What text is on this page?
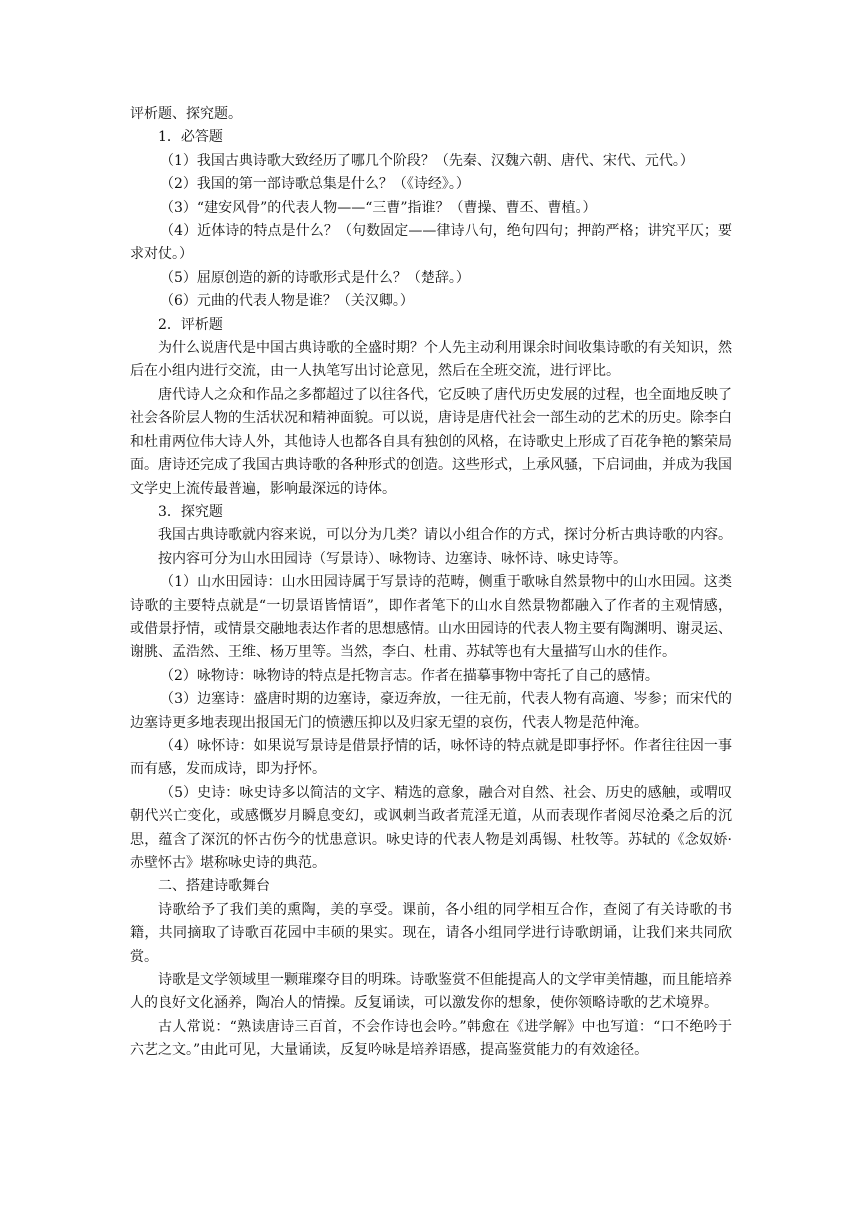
评析题、探究题。

1．必答题

（1）我国古典诗歌大致经历了哪几个阶段？（先秦、汉魏六朝、唐代、宋代、元代。）

（2）我国的第一部诗歌总集是什么？（《诗经》。）

（3）“建安风骨”的代表人物——“三曹”指谁？（曹操、曹丕、曹植。）

（4）近体诗的特点是什么？（句数固定——律诗八句，绝句四句；押韵严格；讲究平仄；要求对仗。）

（5）屈原创造的新的诗歌形式是什么？（楚辞。）

（6）元曲的代表人物是谁？（关汉卿。）

2．评析题

为什么说唐代是中国古典诗歌的全盛时期？个人先主动利用课余时间收集诗歌的有关知识，然后在小组内进行交流，由一人执笔写出讨论意见，然后在全班交流，进行评比。

唐代诗人之众和作品之多都超过了以往各代，它反映了唐代历史发展的过程，也全面地反映了社会各阶层人物的生活状况和精神面貌。可以说，唐诗是唐代社会一部生动的艺术的历史。除李白和杜甫两位伟大诗人外，其他诗人也都各自具有独创的风格，在诗歌史上形成了百花争艳的繁荣局面。唐诗还完成了我国古典诗歌的各种形式的创造。这些形式，上承风骚，下启词曲，并成为我国文学史上流传最普遍，影响最深远的诗体。

3．探究题

我国古典诗歌就内容来说，可以分为几类？请以小组合作的方式，探讨分析古典诗歌的内容。

按内容可分为山水田园诗（写景诗）、咏物诗、边塞诗、咏怀诗、咏史诗等。

（1）山水田园诗：山水田园诗属于写景诗的范畴，侧重于歌咏自然景物中的山水田园。这类诗歌的主要特点就是“一切景语皆情语”，即作者笔下的山水自然景物都融入了作者的主观情感，或借景抒情，或情景交融地表达作者的思想感情。山水田园诗的代表人物主要有陶渊明、谢灵运、谢朓、孟浩然、王维、杨万里等。当然，李白、杜甫、苏轼等也有大量描写山水的佳作。

（2）咏物诗：咏物诗的特点是托物言志。作者在描摹事物中寄托了自己的感情。

（3）边塞诗：盛唐时期的边塞诗，豪迈奔放，一往无前，代表人物有高適、岑参；而宋代的边塞诗更多地表现出报国无门的愤懑压抑以及归家无望的哀伤，代表人物是范仲淹。

（4）咏怀诗：如果说写景诗是借景抒情的话，咏怀诗的特点就是即事抒怀。作者往往因一事而有感，发而成诗，即为抒怀。

（5）史诗：咏史诗多以简洁的文字、精选的意象，融合对自然、社会、历史的感触，或喟叹朝代兴亡变化，或感慨岁月瞬息变幻，或讽刺当政者荒淫无道，从而表现作者阅尽沧桑之后的沉思，蕴含了深沉的怀古伤今的忧患意识。咏史诗的代表人物是刘禹锡、杜牧等。苏轼的《念奴娇·赤壁怀古》堪称咏史诗的典范。

二、搭建诗歌舞台

诗歌给予了我们美的熏陶，美的享受。课前，各小组的同学相互合作，查阅了有关诗歌的书籍，共同摘取了诗歌百花园中丰硕的果实。现在，请各小组同学进行诗歌朗诵，让我们来共同欣赏。

诗歌是文学领域里一颗璀璨夺目的明珠。诗歌鉴赏不但能提高人的文学审美情趣，而且能培养人的良好文化涵养，陶冶人的情操。反复诵读，可以激发你的想象，使你领略诗歌的艺术境界。

古人常说：“熟读唐诗三百首，不会作诗也会吟。”韩愈在《进学解》中也写道：“口不绝吟于六艺之文。”由此可见，大量诵读，反复吟咏是培养语感，提高鉴赏能力的有效途径。
